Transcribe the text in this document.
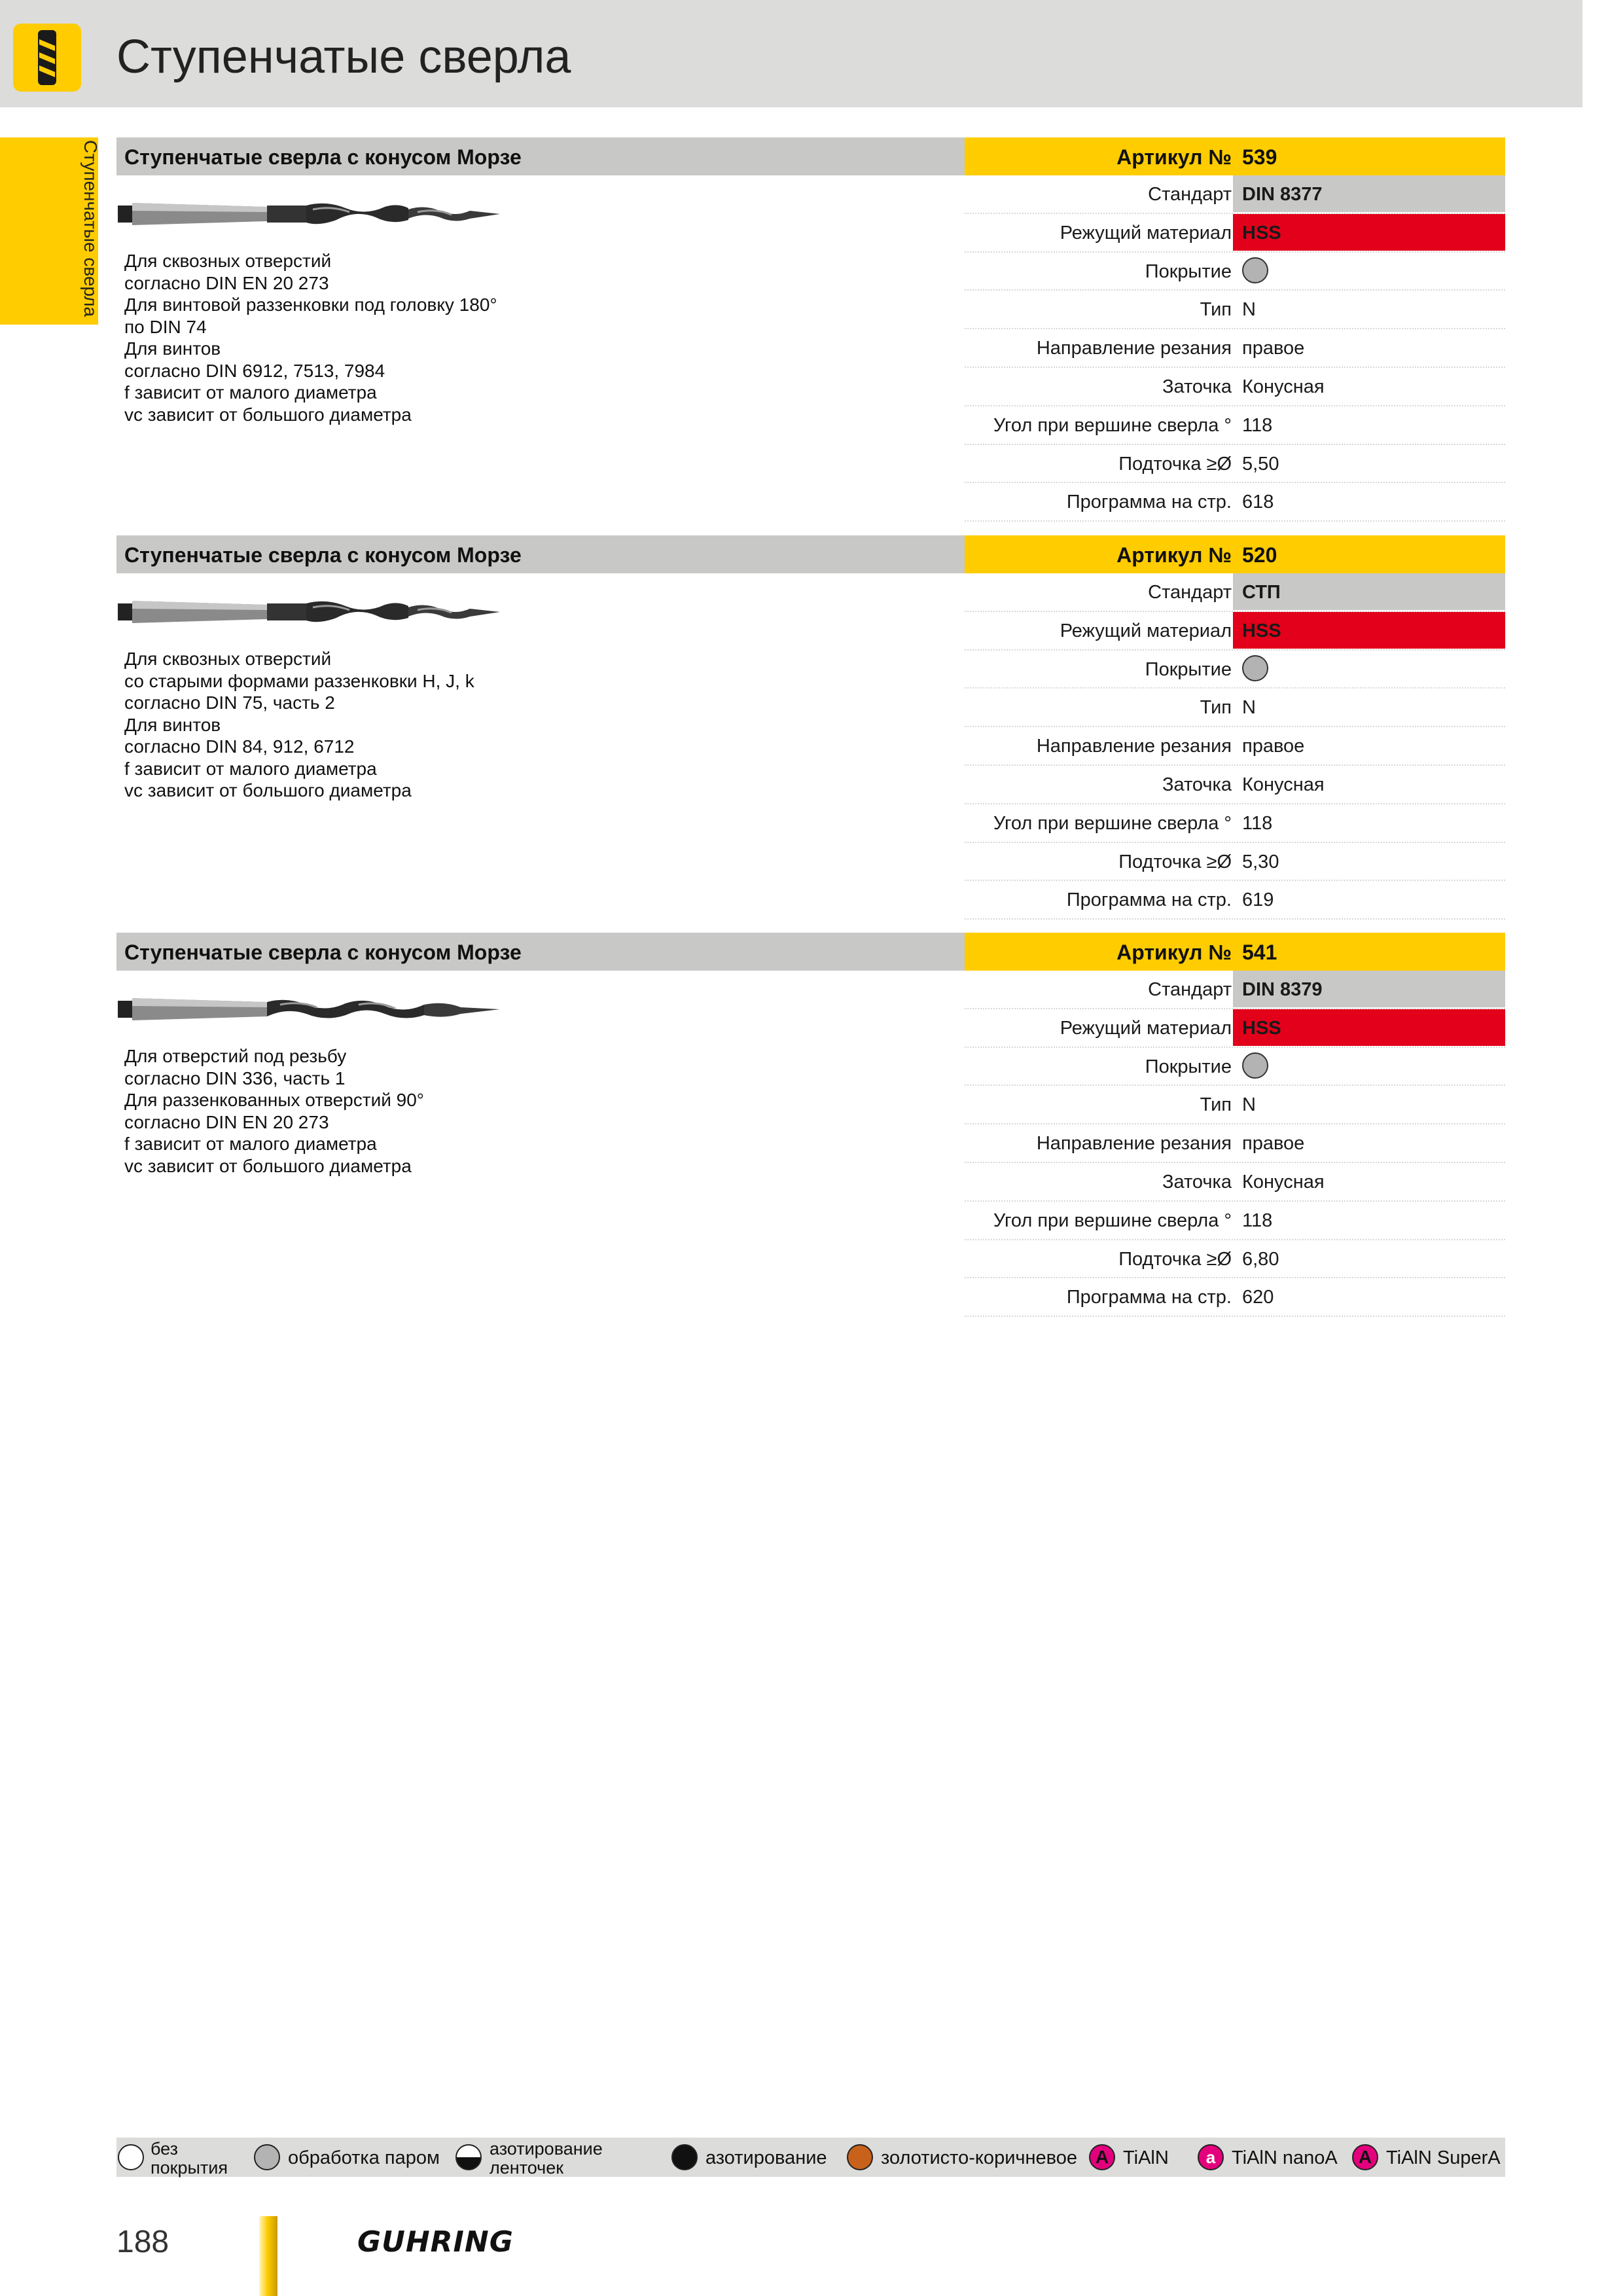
Ступенчатые сверла
Ступенчатые сверла Ступенчатые сверла с конусом Морзе	Артикул № 539
Для сквозных отверстий
согласно DIN EN 20 273
Для винтовой раззенковки под головку 180°
по DIN 74
Для винтов
согласно DIN 6912, 7513, 7984
f зависит от малого диаметра
vc зависит от большого диаметра
Стандарт DIN 8377
Режущий материал HSS
Покрытие
Тип N
Направление резания правое
Заточка Конусная
Угол при вершине сверла ° 118
Подточка ≥Ø 5,50
Программа на стр. 618
Ступенчатые сверла с конусом Морзе	Артикул № 520
Для сквозных отверстий
со старыми формами раззенковки H, J, k
согласно DIN 75, часть 2
Для винтов
согласно DIN 84, 912, 6712
f зависит от малого диаметра
vc зависит от большого диаметра
Стандарт СТП
Режущий материал HSS
Покрытие
Тип N
Направление резания правое
Заточка Конусная
Угол при вершине сверла ° 118
Подточка ≥Ø 5,30
Программа на стр. 619
Ступенчатые сверла с конусом Морзе	Артикул № 541
Для отверстий под резьбу
согласно DIN 336, часть 1
Для раззенкованных отверстий 90°
согласно DIN EN 20 273
f зависит от малого диаметра
vc зависит от большого диаметра
Стандарт DIN 8379
Режущий материал HSS
Покрытие
Тип N
Направление резания правое
Заточка Конусная
Угол при вершине сверла ° 118
Подточка ≥Ø 6,80
Программа на стр. 620
без
покрытия	обработка паром	азотирование
ленточек	азотирование	золотисто-коричневое A TiAlN	a TiAlN nanoA	A TiAlN SuperA
188	GUHRING
